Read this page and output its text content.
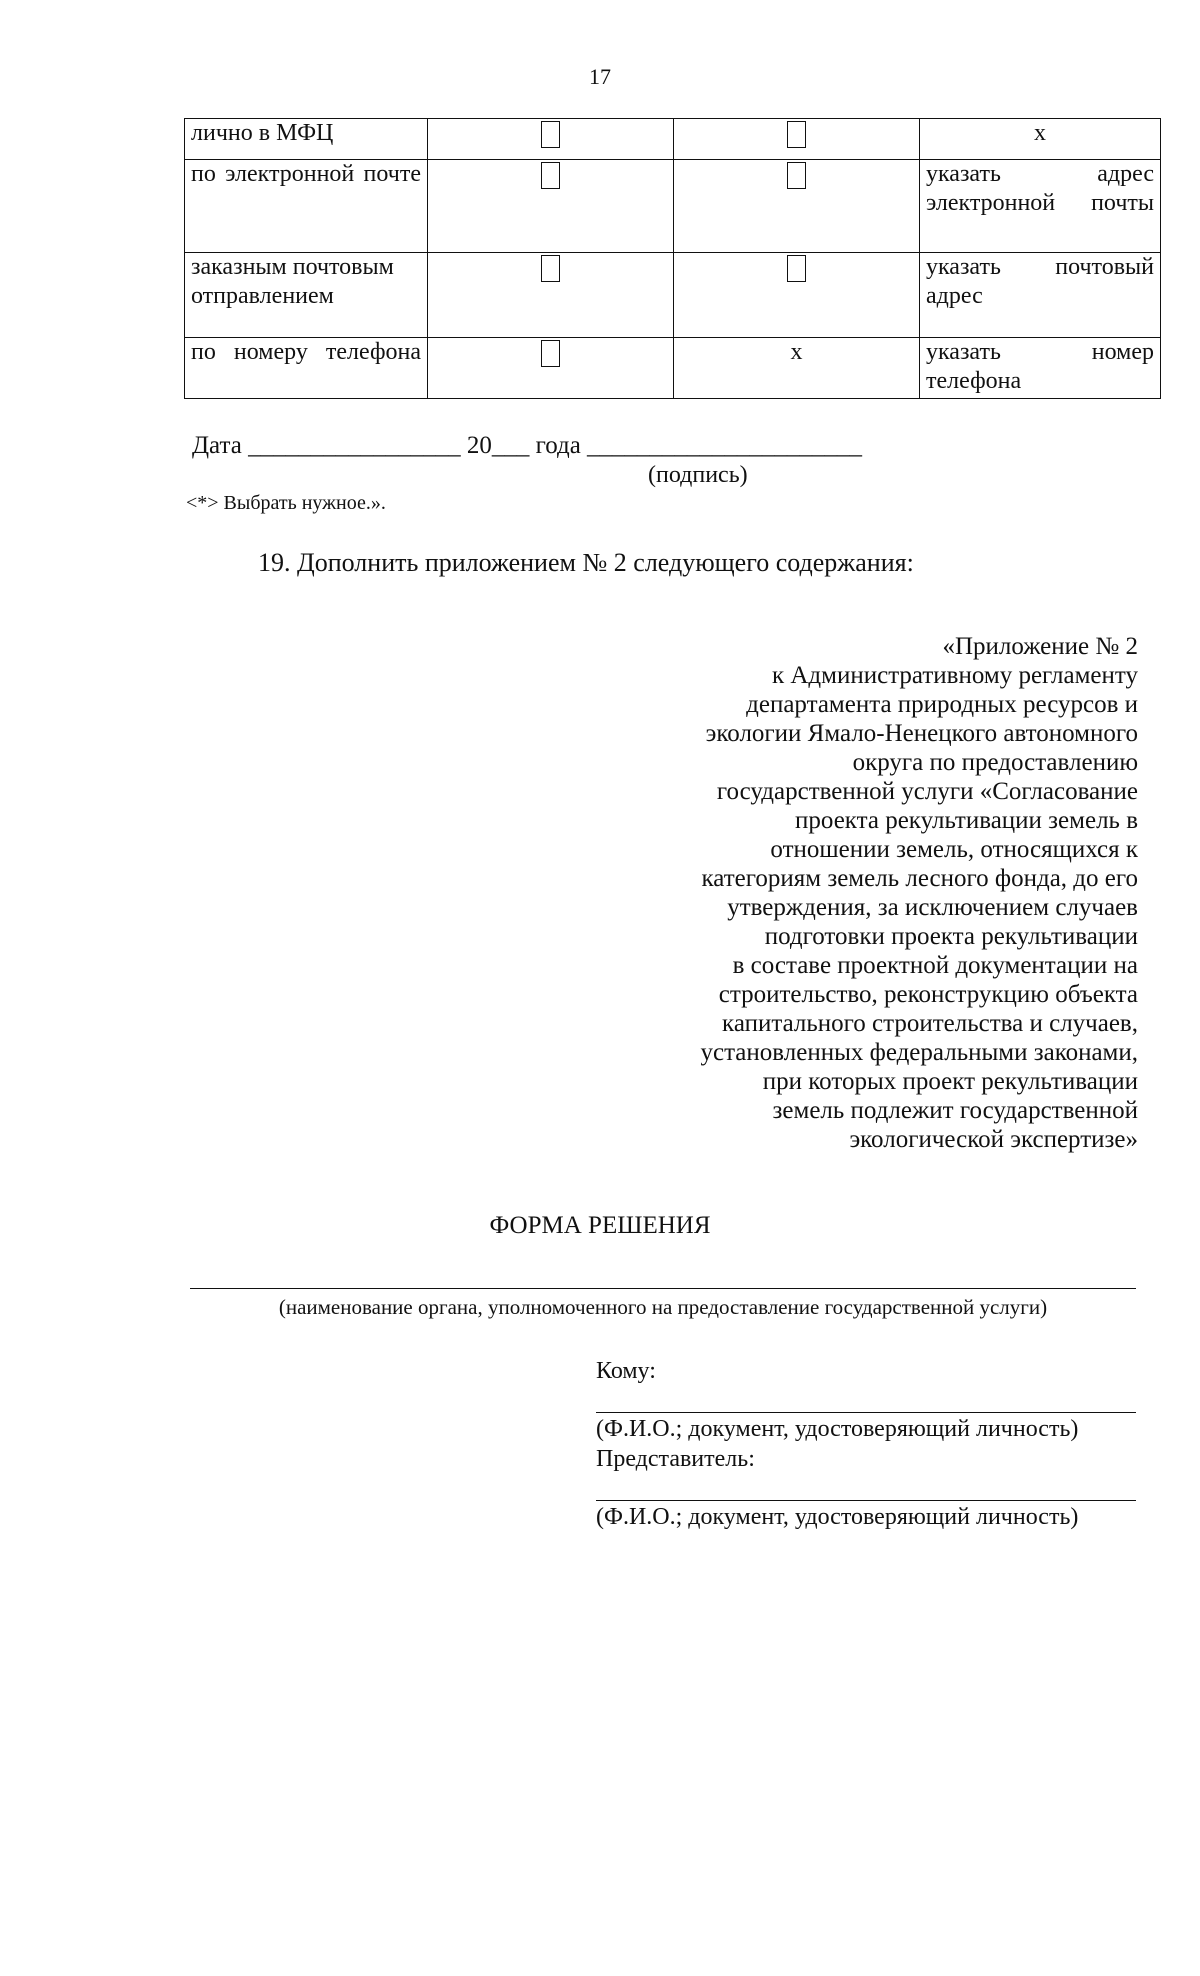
17
лично в МФЦ			х
по электронной почте			указать адрес электронной почты
заказным почтовым отправлением			указать почтовый адрес
по номеру телефона		х	указать номер телефона
Дата _________________ 20___ года ______________________
(подпись)
<*> Выбрать нужное.».
19. Дополнить приложением № 2 следующего содержания:
«Приложение № 2
к Административному регламенту
департамента природных ресурсов и
экологии Ямало-Ненецкого автономного
округа по предоставлению
государственной услуги «Согласование
проекта рекультивации земель в
отношении земель, относящихся к
категориям земель лесного фонда, до его
утверждения, за исключением случаев
подготовки проекта рекультивации
в составе проектной документации на
строительство, реконструкцию объекта
капитального строительства и случаев,
установленных федеральными законами,
при которых проект рекультивации
земель подлежит государственной
экологической экспертизе»
ФОРМА РЕШЕНИЯ
(наименование органа, уполномоченного на предоставление государственной услуги)
Кому:
(Ф.И.О.; документ, удостоверяющий личность)
Представитель:
(Ф.И.О.; документ, удостоверяющий личность)
